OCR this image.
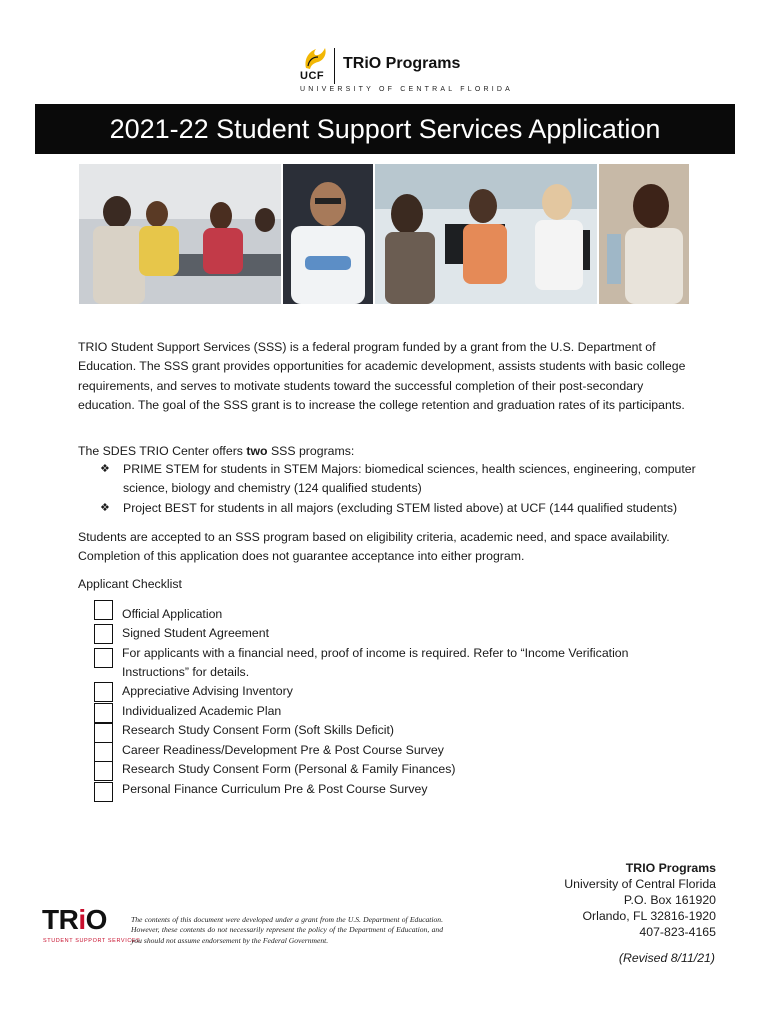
UCF
TRiO Programs
UNIVERSITY OF CENTRAL FLORIDA
2021-22 Student Support Services Application
TRIO Student Support Services (SSS) is a federal program funded by a grant from the U.S. Department of Education. The SSS grant provides opportunities for academic development, assists students with basic college requirements, and serves to motivate students toward the successful completion of their post-secondary education. The goal of the SSS grant is to increase the college retention and graduation rates of its participants.
The SDES TRIO Center offers two SSS programs:
❖ PRIME STEM for students in STEM Majors: biomedical sciences, health sciences, engineering, computer science, biology and chemistry (124 qualified students)
❖ Project BEST for students in all majors (excluding STEM listed above) at UCF (144 qualified students)
Students are accepted to an SSS program based on eligibility criteria, academic need, and space availability. Completion of this application does not guarantee acceptance into either program.
Applicant Checklist
Official Application
Signed Student Agreement
For applicants with a financial need, proof of income is required. Refer to “Income Verification
Instructions” for details.
Appreciative Advising Inventory
Individualized Academic Plan
Research Study Consent Form (Soft Skills Deficit)
Career Readiness/Development Pre & Post Course Survey
Research Study Consent Form (Personal & Family Finances)
Personal Finance Curriculum Pre & Post Course Survey
TRiO
STUDENT SUPPORT SERVICES
The contents of this document were developed under a grant from the U.S. Department of Education. However, these contents do not necessarily represent the policy of the Department of Education, and you should not assume endorsement by the Federal Government.
TRIO Programs
University of Central Florida
P.O. Box 161920
Orlando, FL 32816-1920
407-823-4165
(Revised 8/11/21)
